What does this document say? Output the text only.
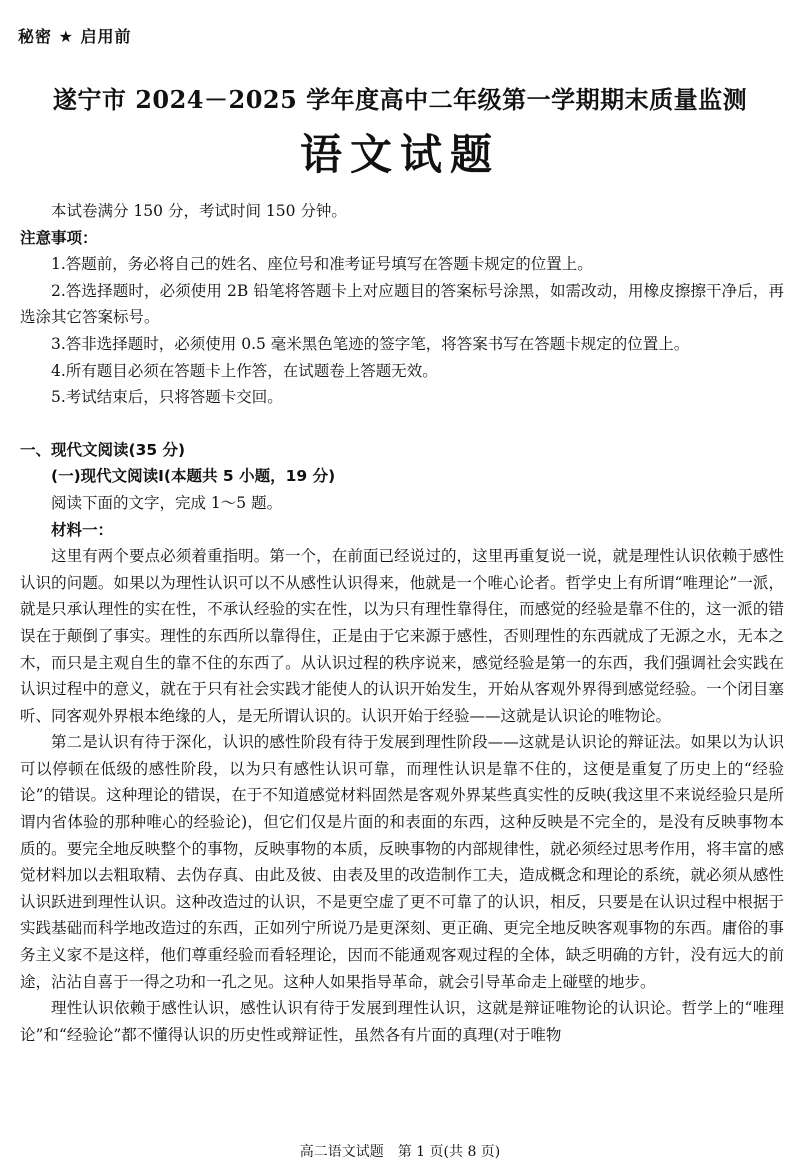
秘密 ★ 启用前
遂宁市 2024－2025 学年度高中二年级第一学期期末质量监测
语文试题

本试卷满分 150 分，考试时间 150 分钟。

注意事项：

1.答题前，务必将自己的姓名、座位号和准考证号填写在答题卡规定的位置上。

2.答选择题时，必须使用 2B 铅笔将答题卡上对应题目的答案标号涂黑，如需改动，用橡皮擦擦干净后，再选涂其它答案标号。

3.答非选择题时，必须使用 0.5 毫米黑色笔迹的签字笔，将答案书写在答题卡规定的位置上。

4.所有题目必须在答题卡上作答，在试题卷上答题无效。

5.考试结束后，只将答题卡交回。

一、现代文阅读(35 分)

(一)现代文阅读Ⅰ(本题共 5 小题，19 分)

阅读下面的文字，完成 1～5 题。

材料一：

这里有两个要点必须着重指明。第一个，在前面已经说过的，这里再重复说一说，就是理性认识依赖于感性认识的问题。如果以为理性认识可以不从感性认识得来，他就是一个唯心论者。哲学史上有所谓“唯理论”一派，就是只承认理性的实在性，不承认经验的实在性，以为只有理性靠得住，而感觉的经验是靠不住的，这一派的错误在于颠倒了事实。理性的东西所以靠得住，正是由于它来源于感性，否则理性的东西就成了无源之水，无本之木，而只是主观自生的靠不住的东西了。从认识过程的秩序说来，感觉经验是第一的东西，我们强调社会实践在认识过程中的意义，就在于只有社会实践才能使人的认识开始发生，开始从客观外界得到感觉经验。一个闭目塞听、同客观外界根本绝缘的人，是无所谓认识的。认识开始于经验——这就是认识论的唯物论。

第二是认识有待于深化，认识的感性阶段有待于发展到理性阶段——这就是认识论的辩证法。如果以为认识可以停顿在低级的感性阶段，以为只有感性认识可靠，而理性认识是靠不住的，这便是重复了历史上的“经验论”的错误。这种理论的错误，在于不知道感觉材料固然是客观外界某些真实性的反映(我这里不来说经验只是所谓内省体验的那种唯心的经验论)，但它们仅是片面的和表面的东西，这种反映是不完全的，是没有反映事物本质的。要完全地反映整个的事物，反映事物的本质，反映事物的内部规律性，就必须经过思考作用，将丰富的感觉材料加以去粗取精、去伪存真、由此及彼、由表及里的改造制作工夫，造成概念和理论的系统，就必须从感性认识跃进到理性认识。这种改造过的认识，不是更空虚了更不可靠了的认识，相反，只要是在认识过程中根据于实践基础而科学地改造过的东西，正如列宁所说乃是更深刻、更正确、更完全地反映客观事物的东西。庸俗的事务主义家不是这样，他们尊重经验而看轻理论，因而不能通观客观过程的全体，缺乏明确的方针，没有远大的前途，沾沾自喜于一得之功和一孔之见。这种人如果指导革命，就会引导革命走上碰壁的地步。

理性认识依赖于感性认识，感性认识有待于发展到理性认识，这就是辩证唯物论的认识论。哲学上的“唯理论”和“经验论”都不懂得认识的历史性或辩证性，虽然各有片面的真理(对于唯物

高二语文试题　第 1 页(共 8 页)
